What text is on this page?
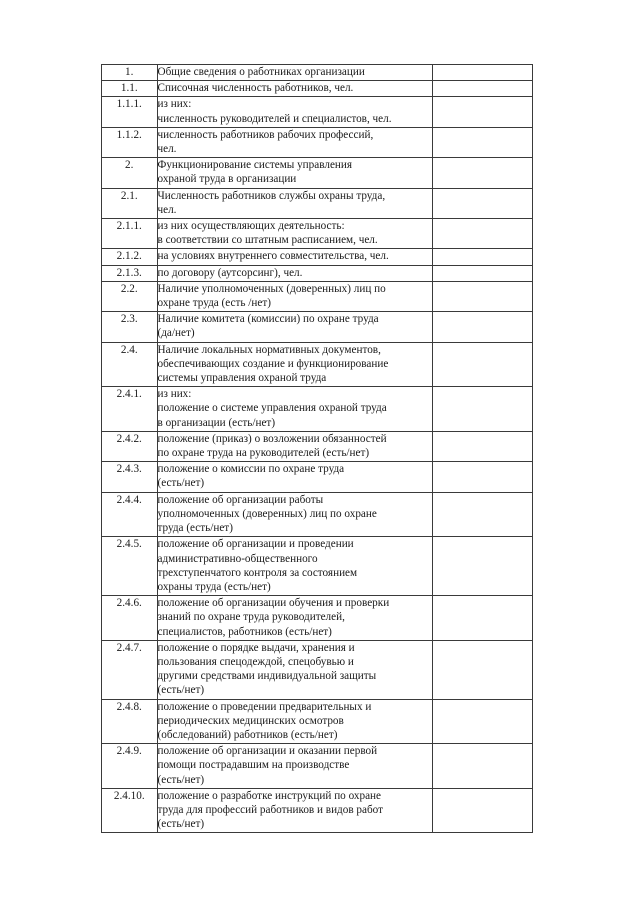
1.	Общие сведения о работниках организации	

1.1.	Списочная численность работников, чел.	

1.1.1.	из них:
численность руководителей и специалистов, чел.	

1.1.2.	численность работников рабочих профессий,
чел.	

2.	Функционирование системы управления
охраной труда в организации	

2.1.	Численность работников службы охраны труда,
чел.	

2.1.1.	из них осуществляющих деятельность:
в соответствии со штатным расписанием, чел.	

2.1.2.	на условиях внутреннего совместительства, чел.	

2.1.3.	по договору (аутсорсинг), чел.	

2.2.	Наличие уполномоченных (доверенных) лиц по
охране труда (есть /нет)	

2.3.	Наличие комитета (комиссии) по охране труда
(да/нет)	

2.4.	Наличие локальных нормативных документов,
обеспечивающих создание и функционирование
системы управления охраной труда	

2.4.1.	из них:
положение о системе управления охраной труда
в организации (есть/нет)	

2.4.2.	положение (приказ) о возложении обязанностей
по охране труда на руководителей (есть/нет)	

2.4.3.	положение о комиссии по охране труда
(есть/нет)	

2.4.4.	положение об организации работы
уполномоченных (доверенных) лиц по охране
труда (есть/нет)	

2.4.5.	положение об организации и проведении
административно-общественного
трехступенчатого контроля за состоянием
охраны труда (есть/нет)	

2.4.6.	положение об организации обучения и проверки
знаний по охране труда руководителей,
специалистов, работников (есть/нет)	

2.4.7.	положение о порядке выдачи, хранения и
пользования спецодеждой, спецобувью и
другими средствами индивидуальной защиты
(есть/нет)	

2.4.8.	положение о проведении предварительных и
периодических медицинских осмотров
(обследований) работников (есть/нет)	

2.4.9.	положение об организации и оказании первой
помощи пострадавшим на производстве
(есть/нет)	

2.4.10.	положение о разработке инструкций по охране
труда для профессий работников и видов работ
(есть/нет)	
